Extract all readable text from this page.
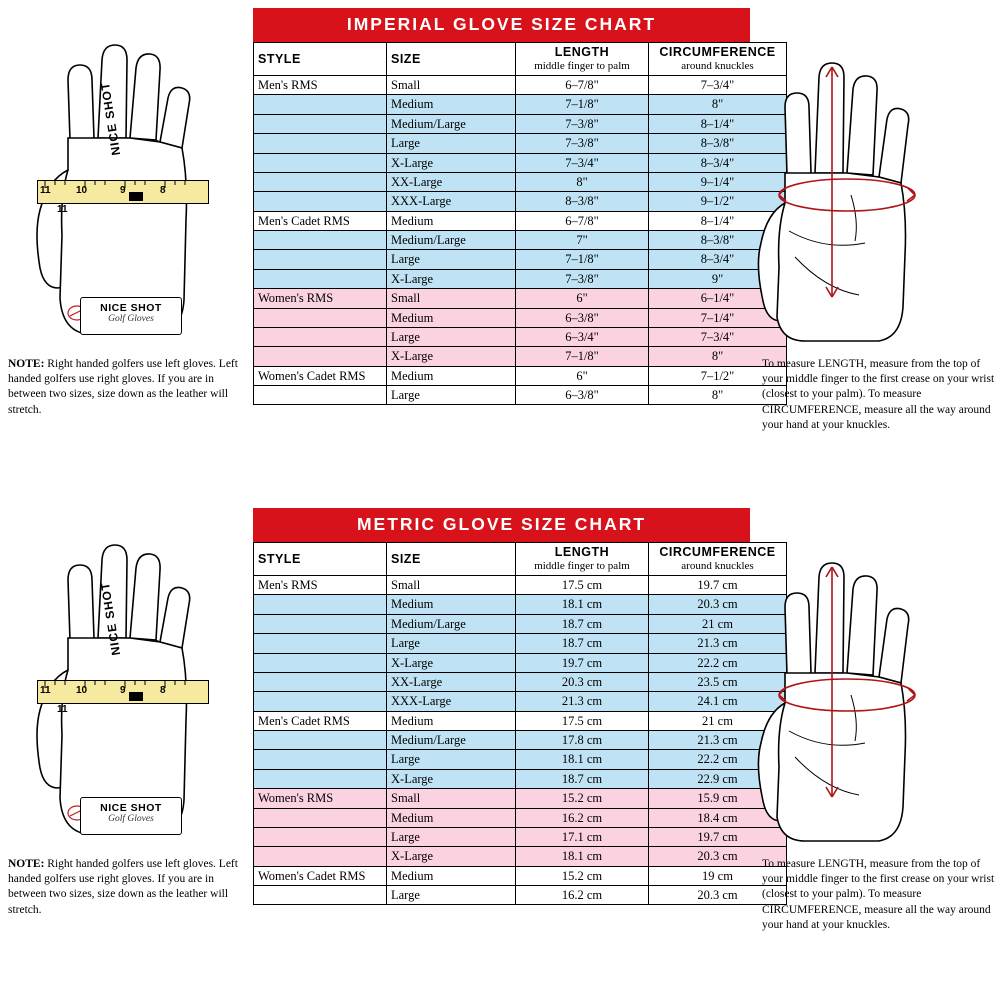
NICE SHOT
11	10	9	8
11
NICE SHOT
Golf Gloves
NOTE: Right handed golfers use left gloves. Left handed golfers use right gloves. If you are in between two sizes, size down as the leather will stretch.
IMPERIAL GLOVE SIZE CHART
STYLE	SIZE	LENGTH
middle finger to palm	CIRCUMFERENCE
around knuckles

Men's RMS	Small	6–7/8"	7–3/4"
	Medium	7–1/8"	8"
	Medium/Large	7–3/8"	8–1/4"
	Large	7–3/8"	8–3/8"
	X-Large	7–3/4"	8–3/4"
	XX-Large	8"	9–1/4"
	XXX-Large	8–3/8"	9–1/2"
Men's Cadet RMS	Medium	6–7/8"	8–1/4"
	Medium/Large	7"	8–3/8"
	Large	7–1/8"	8–3/4"
	X-Large	7–3/8"	9"
Women's RMS	Small	6"	6–1/4"
	Medium	6–3/8"	7–1/4"
	Large	6–3/4"	7–3/4"
	X-Large	7–1/8"	8"
Women's Cadet RMS	Medium	6"	7–1/2"
	Large	6–3/8"	8"
To measure LENGTH, measure from the top of your middle finger to the first crease on your wrist (closest to your palm). To measure CIRCUMFERENCE, measure all the way around your hand at your knuckles.
NICE SHOT
11	10	9	8
11
NICE SHOT
Golf Gloves
NOTE: Right handed golfers use left gloves. Left handed golfers use right gloves. If you are in between two sizes, size down as the leather will stretch.
METRIC GLOVE SIZE CHART
STYLE	SIZE	LENGTH
middle finger to palm	CIRCUMFERENCE
around knuckles

Men's RMS	Small	17.5 cm	19.7 cm
	Medium	18.1 cm	20.3 cm
	Medium/Large	18.7 cm	21 cm
	Large	18.7 cm	21.3 cm
	X-Large	19.7 cm	22.2 cm
	XX-Large	20.3 cm	23.5 cm
	XXX-Large	21.3 cm	24.1 cm
Men's Cadet RMS	Medium	17.5 cm	21 cm
	Medium/Large	17.8 cm	21.3 cm
	Large	18.1 cm	22.2 cm
	X-Large	18.7 cm	22.9 cm
Women's RMS	Small	15.2 cm	15.9 cm
	Medium	16.2 cm	18.4 cm
	Large	17.1 cm	19.7 cm
	X-Large	18.1 cm	20.3 cm
Women's Cadet RMS	Medium	15.2 cm	19 cm
	Large	16.2 cm	20.3 cm
To measure LENGTH, measure from the top of your middle finger to the first crease on your wrist (closest to your palm). To measure CIRCUMFERENCE, measure all the way around your hand at your knuckles.
